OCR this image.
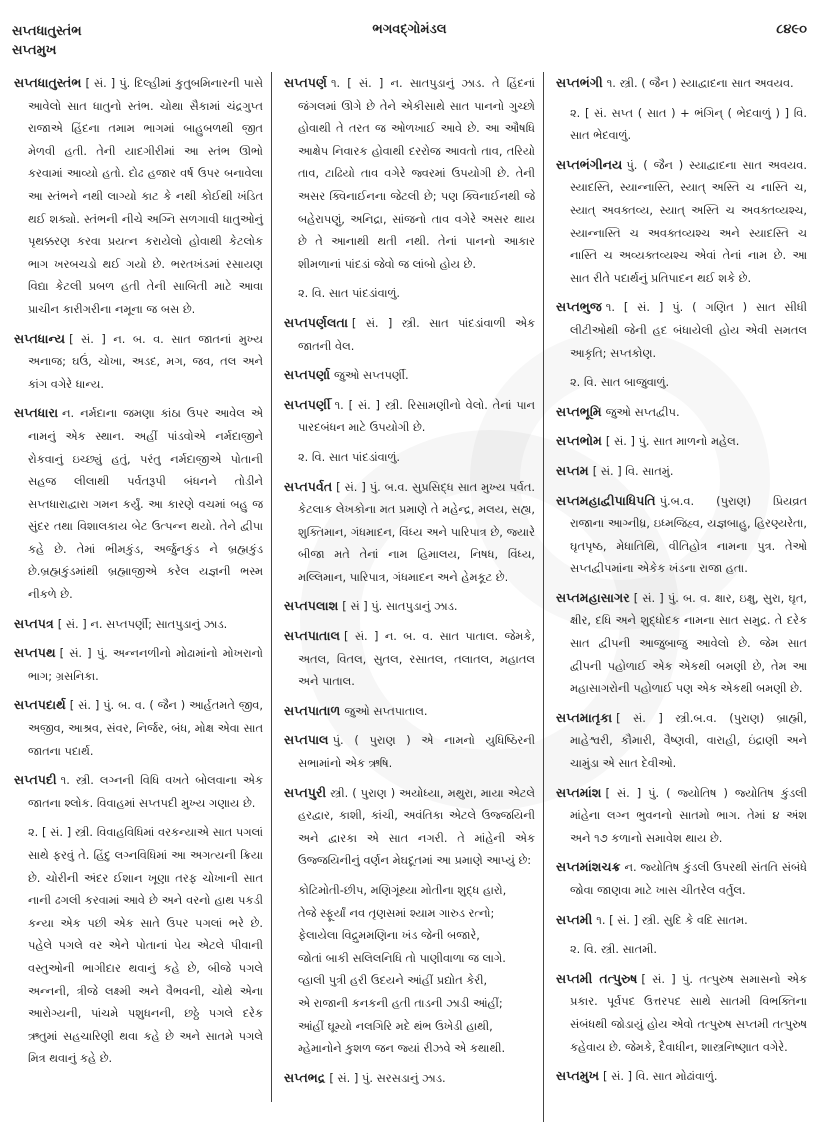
સપ્તધાતુસ્તંભ
સપ્તમુખ
ભગવદ્ગોમંડલ	૮૪૯૦

સપ્તધાતુસ્તંભ [ સં. ] પું. દિલ્હીમાં કુતુબમિનારની પાસે આવેલો સાત ધાતુનો સ્તંભ. ચોથા સૈકામાં ચંદ્રગુપ્ત રાજાએ હિંદના તમામ ભાગમાં બાહુબળથી જીત મેળવી હતી. તેની યાદગીરીમાં આ સ્તંભ ઊભો કરવામાં આવ્યો હતો. દોઢ હજાર વર્ષ ઉપર બનાવેલા આ સ્તંભને નથી લાગ્યો કાટ કે નથી કોઈથી ખંડિત થઈ શક્યો. સ્તંભની નીચે અગ્નિ સળગાવી ધાતુઓનું પૃથક્કરણ કરવા પ્રયત્ન કરાયેલો હોવાથી કેટલોક ભાગ ખરબચડો થઈ ગયો છે. ભરતખંડમાં રસાયણ વિદ્યા કેટલી પ્રબળ હતી તેની સાબિતી માટે આવા પ્રાચીન કારીગરીના નમૂના જ બસ છે.

સપ્તધાન્ય [ સં. ] ન. બ. વ. સાત જાતનાં મુખ્ય અનાજ; ઘઉં, ચોખા, અડદ, મગ, જવ, તલ અને કાંગ વગેરે ધાન્ય.

સપ્તધારા ન. નર્મદાના જમણા કાંઠા ઉપર આવેલ એ નામનું એક સ્થાન. અહીં પાંડવોએ નર્મદાજીને રોકવાનું ઇચ્છ્યું હતું, પરંતુ નર્મદાજીએ પોતાની સહજ લીલાથી પર્વતરૂપી બંધનને તોડીને સપ્તધારાદ્વારા ગમન કર્યું. આ કારણે વચમાં બહુ જ સુંદર તથા વિશાલકાય બેટ ઉત્પન્ન થયો. તેને દ્વીપા કહે છે. તેમાં ભીમકુંડ, અર્જુનકુંડ ને બ્રહ્મકુંડ છે.બ્રહ્મકુંડમાંથી બ્રહ્માજીએ કરેલ યજ્ઞની ભસ્મ નીકળે છે.

સપ્તપત્ર [ સં. ] ન. સપ્તપર્ણી; સાતપુડાનું ઝાડ.

સપ્તપથ [ સં. ] પું. અન્નનળીનો મોઢામાંનો મોખરાનો ભાગ; ગ્રસનિકા.

સપ્તપદાર્થ [ સં. ] પું. બ. વ. ( જૈન ) આર્હતમતે જીવ, અજીવ, આશ્રવ, સંવર, નિર્જર, બંધ, મોક્ષ એવા સાત જાતના પદાર્થ.

સપ્તપદી ૧. સ્ત્રી. લગ્નની વિધિ વખતે બોલવાના એક જાતના શ્લોક. વિવાહમાં સપ્તપદી મુખ્ય ગણાય છે.

૨. [ સં. ] સ્ત્રી. વિવાહવિધિમાં વરકન્યાએ સાત પગલાં સાથે ફરવું તે. હિંદુ લગ્નવિધિમાં આ અગત્યની ક્રિયા છે. ચોરીની અંદર ઈશાન ખૂણા તરફ ચોખાની સાત નાની ઢગલી કરવામાં આવે છે અને વરનો હાથ પકડી કન્યા એક પછી એક સાતે ઉપર પગલાં ભરે છે. પહેલે પગલે વર એને પોતાનાં પેય એટલે પીવાની વસ્તુઓની ભાગીદાર થવાનું કહે છે, બીજે પગલે અન્નની, ત્રીજે લક્ષ્મી અને વૈભવની, ચોથે એના આરોગ્યની, પાંચમે પશુધનની, છઠ્ઠે પગલે દરેક ઋતુમાં સહચારિણી થવા કહે છે અને સાતમે પગલે મિત્ર થવાનું કહે છે.

સપ્તપર્ણ ૧. [ સં. ] ન. સાતપુડાનું ઝાડ. તે હિંદનાં જંગલમાં ઊગે છે તેને એકીસાથે સાત પાનનો ગુચ્છો હોવાથી તે તરત જ ઓળખાઈ આવે છે. આ ઔષધિ આક્ષેપ નિવારક હોવાથી દરરોજ આવતો તાવ, તરિયો તાવ, ટાઢિયો તાવ વગેરે જ્વરમાં ઉપયોગી છે. તેની અસર ક્વિનાઈનના જેટલી છે; પણ ક્વિનાઈનથી જે બહેરાપણું, અનિદ્રા, સાંજનો તાવ વગેરે અસર થાય છે તે આનાથી થતી નથી. તેનાં પાનનો આકાર શીમળાનાં પાંદડાં જેવો જ લાંબો હોય છે.

૨. વિ. સાત પાંદડાંવાળું.

સપ્તપર્ણલતા [ સં. ] સ્ત્રી. સાત પાંદડાંવાળી એક જાતની વેલ.

સપ્તપર્ણા જુઓ સપ્તપર્ણી.

સપ્તપર્ણી ૧. [ સં. ] સ્ત્રી. રિસામણીનો વેલો. તેનાં પાન પારદબંધન માટે ઉપયોગી છે.

૨. વિ. સાત પાંદડાંવાળું.

સપ્તપર્વત [ સં. ] પું. બ.વ. સુપ્રસિદ્ધ સાત મુખ્ય પર્વત. કેટલાક લેખકોના મત પ્રમાણે તે મહેન્દ્ર, મલય, સહ્ય, શુક્તિમાન, ગંધમાદન, વિંધ્ય અને પારિપાત્ર છે, જ્યારે બીજા મતે તેનાં નામ હિમાલય, નિષધ, વિંધ્ય, મલ્લિમાન, પારિપાત્ર, ગંધમાદન અને હેમકૂટ છે.

સપ્તપલાશ [ સં ] પું. સાતપુડાનું ઝાડ.

સપ્તપાતાલ [ સં. ] ન. બ. વ. સાત પાતાલ. જેમકે, અતલ, વિતલ, સુતલ, રસાતલ, તલાતલ, મહાતલ અને પાતાલ.

સપ્તપાતાળ જુઓ સપ્તપાતાલ.

સપ્તપાલ પું. ( પુરાણ ) એ નામનો યુધિષ્ઠિરની સભામાંનો એક ઋષિ.

સપ્તપુરી સ્ત્રી. ( પુરાણ ) અયોધ્યા, મથુરા, માયા એટલે હરદ્વાર, કાશી, કાંચી, અવંતિકા એટલે ઉજ્જયિની અને દ્વારકા એ સાત નગરી. તે માંહેની એક ઉજ્જયિનીનું વર્ણન મેઘદૂતમાં આ પ્રમાણે આપ્યું છે:

કોટિમોતી-છીપ, મણિગૂંથ્યા મોતીના શુદ્ધ હારો,
તેજે સ્ફૂર્યાં નવ તૃણસમાં શ્યામ ગારુડ રત્નો;
ફેલાયેલા વિદ્રુમમણિના ખંડ જેની બજારે,
જોતાં બાકી સલિલનિધિ તો પાણીવાળા જ લાગે.
વ્હાલી પુત્રી હરી ઉદયને આંહીં પ્રદ્યોત કેરી,
એ રાજાની કનકની હતી તાડની ઝાડી આંહીં;
આંહીં ઘૂમ્યો નલગિરિ મદે થંભ ઉખેડી હાથી,
મ્હેમાનોને કુશળ જન જ્યાં રીઝવે એ કથાથી.

સપ્તભદ્ર [ સં. ] પું. સરસડાનું ઝાડ.

સપ્તભંગી ૧. સ્ત્રી. ( જૈન ) સ્યાદ્વાદના સાત અવયવ.

૨. [ સં. સપ્ત ( સાત ) + ભંગિન્ ( ભેદવાળું ) ] વિ. સાત ભેદવાળું.

સપ્તભંગીનય પું. ( જૈન ) સ્યાદ્વાદના સાત અવયવ. સ્યાદસ્તિ, સ્યાન્નાસ્તિ, સ્યાત્ અસ્તિ ચ નાસ્તિ ચ, સ્યાત્ અવક્તવ્ય, સ્યાત્ અસ્તિ ચ અવક્તવ્યશ્ચ, સ્યાન્નાસ્તિ ચ અવક્તવ્યશ્ચ અને સ્યાદસ્તિ ચ નાસ્તિ ચ અવ્યક્તવ્યશ્ચ એવાં તેનાં નામ છે. આ સાત રીતે પદાર્થનું પ્રતિપાદન થઈ શકે છે.

સપ્તભુજ ૧. [ સં. ] પું. ( ગણિત ) સાત સીધી લીટીઓથી જેની હદ બંધાયેલી હોય એવી સમતલ આકૃતિ; સપ્તકોણ.

૨. વિ. સાત બાજુવાળું.

સપ્તભૂમિ જુઓ સપ્તદ્વીપ.

સપ્તભોમ [ સં. ] પું. સાત માળનો મહેલ.

સપ્તમ [ સં. ] વિ. સાતમું.

સપ્તમહાદ્વીપાધિપતિ પું.બ.વ. (પુરાણ) પ્રિયવ્રત રાજાના આગ્નીધ્ર, ઇધ્મજિહ્વ, યજ્ઞબાહુ, હિરણ્યરેતા, ઘૃતપૃષ્ઠ, મેધાતિથિ, વીતિહોત્ર નામના પુત્ર. તેઓ સપ્તદ્વીપમાંના એકેક ખંડના રાજા હતા.

સપ્તમહાસાગર [ સં. ] પું. બ. વ. ક્ષાર, ઇક્ષુ, સુરા, ઘૃત, ક્ષીર, દધિ અને શુદ્ધોદક નામના સાત સમુદ્ર. તે દરેક સાત દ્વીપની આજુબાજુ આવેલો છે. જેમ સાત દ્વીપની પહોળાઈ એક એકથી બમણી છે, તેમ આ મહાસાગરોની પહોળાઈ પણ એક એકથી બમણી છે.

સપ્તમાતૃકા [ સં. ] સ્ત્રી.બ.વ. (પુરાણ) બ્રાહ્મી, માહેશ્વરી, કૌમારી, વૈષ્ણવી, વારાહી, ઇંદ્રાણી અને ચામુંડા એ સાત દેવીઓ.

સપ્તમાંશ [ સં. ] પું. ( જ્યોતિષ ) જ્યોતિષ કુંડલી માંહેના લગ્ન ભુવનનો સાતમો ભાગ. તેમાં ૪ અંશ અને ૧૭ કળાનો સમાવેશ થાય છે.

સપ્તમાંશચક્ર ન. જ્યોતિષ કુંડલી ઉપરથી સંતતિ સંબંધે જોવા જાણવા માટે ખાસ ચીતરેલ વર્તુલ.

સપ્તમી ૧. [ સં. ] સ્ત્રી. સુદિ કે વદિ સાતમ.

૨. વિ. સ્ત્રી. સાતમી.

સપ્તમી તત્પુરુષ [ સં. ] પું. તત્પુરુષ સમાસનો એક પ્રકાર. પૂર્વપદ ઉત્તરપદ સાથે સાતમી વિભક્તિના સંબંધથી જોડાયું હોય એવો તત્પુરુષ સપ્તમી તત્પુરુષ કહેવાય છે. જેમકે, દૈવાધીન, શાસ્ત્રનિષ્ણાત વગેરે.

સપ્તમુખ [ સં. ] વિ. સાત મોઢાંવાળું.
